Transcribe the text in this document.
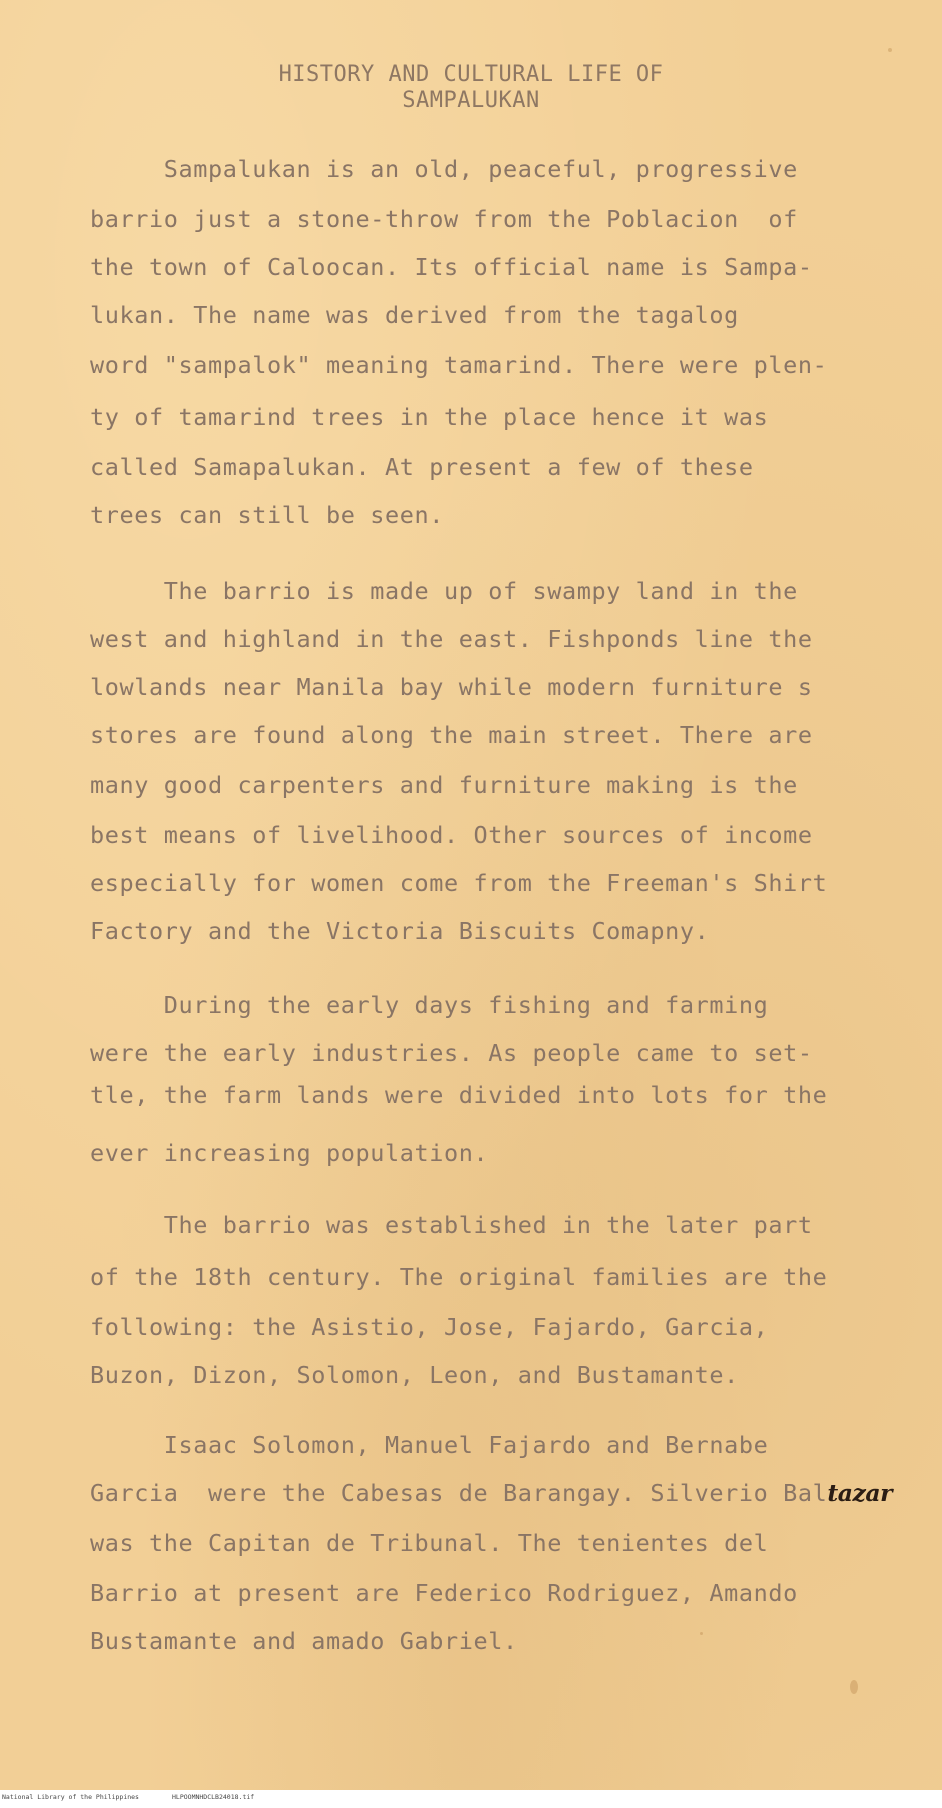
HISTORY AND CULTURAL LIFE OF
SAMPALUKAN
Sampalukan is an old, peaceful, progressive
barrio just a stone-throw from the Poblacion  of
the town of Caloocan. Its official name is Sampa-
lukan. The name was derived from the tagalog
word "sampalok" meaning tamarind. There were plen-
ty of tamarind trees in the place hence it was
called Samapalukan. At present a few of these
trees can still be seen.
The barrio is made up of swampy land in the
west and highland in the east. Fishponds line the
lowlands near Manila bay while modern furniture s
stores are found along the main street. There are
many good carpenters and furniture making is the
best means of livelihood. Other sources of income
especially for women come from the Freeman's Shirt
Factory and the Victoria Biscuits Comapny.
During the early days fishing and farming
were the early industries. As people came to set-
tle, the farm lands were divided into lots for the
ever increasing population.
The barrio was established in the later part
of the 18th century. The original families are the
following: the Asistio, Jose, Fajardo, Garcia,
Buzon, Dizon, Solomon, Leon, and Bustamante.
Isaac Solomon, Manuel Fajardo and Bernabe
Garcia  were the Cabesas de Barangay. Silverio Baltazar
was the Capitan de Tribunal. The tenientes del
Barrio at present are Federico Rodriguez, Amando
Bustamante and amado Gabriel.
National Library of the Philippines	HLPOOMNHDCLB24018.tif
